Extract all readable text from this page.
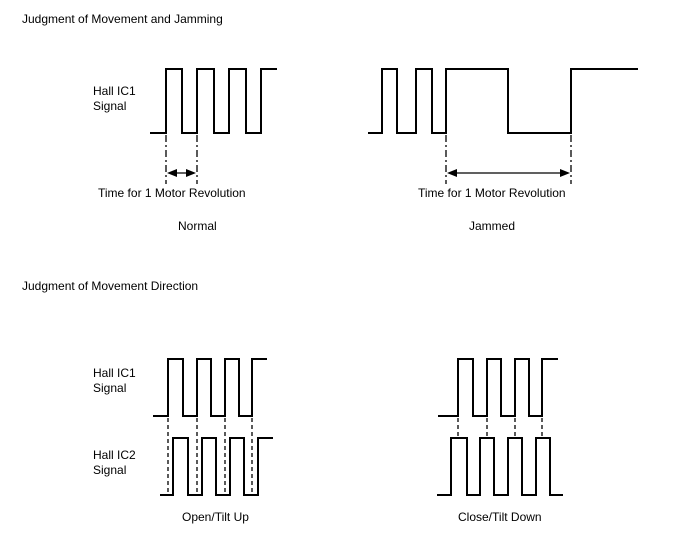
Judgment of Movement and Jamming
Hall IC1
Signal
Time for 1 Motor Revolution
Normal
Time for 1 Motor Revolution
Jammed
Judgment of Movement Direction
Hall IC1
Signal
Hall IC2
Signal
Open/Tilt Up	Close/Tilt Down
